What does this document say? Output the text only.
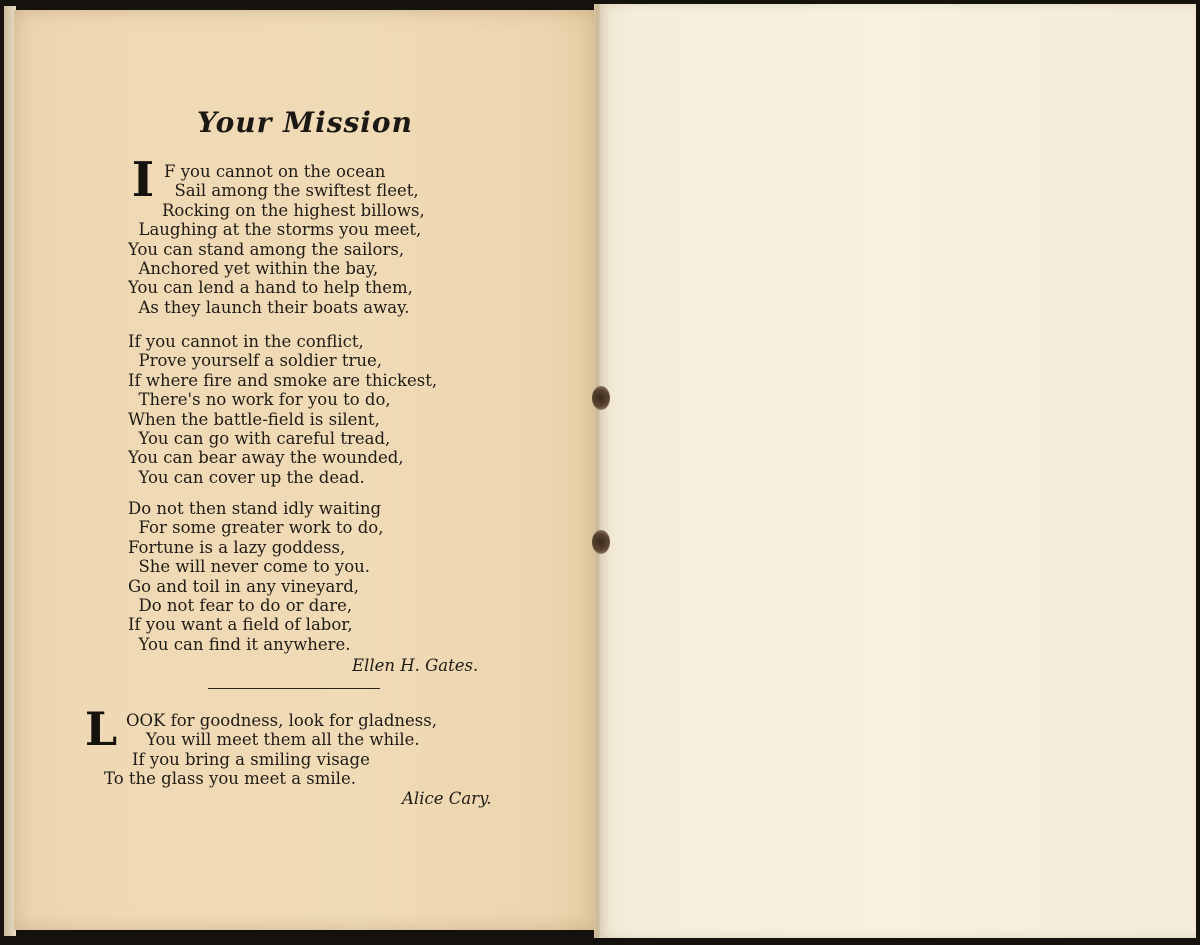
Your Mission
I F you cannot on the ocean
Sail among the swiftest fleet,
Rocking on the highest billows,
Laughing at the storms you meet,
You can stand among the sailors,
Anchored yet within the bay,
You can lend a hand to help them,
As they launch their boats away.
If you cannot in the conflict,
Prove yourself a soldier true,
If where fire and smoke are thickest,
There's no work for you to do,
When the battle-field is silent,
You can go with careful tread,
You can bear away the wounded,
You can cover up the dead.
Do not then stand idly waiting
For some greater work to do,
Fortune is a lazy goddess,
She will never come to you.
Go and toil in any vineyard,
Do not fear to do or dare,
If you want a field of labor,
You can find it anywhere.
Ellen H. Gates.
L OOK for goodness, look for gladness,
You will meet them all the while.
If you bring a smiling visage
To the glass you meet a smile.
Alice Cary.
